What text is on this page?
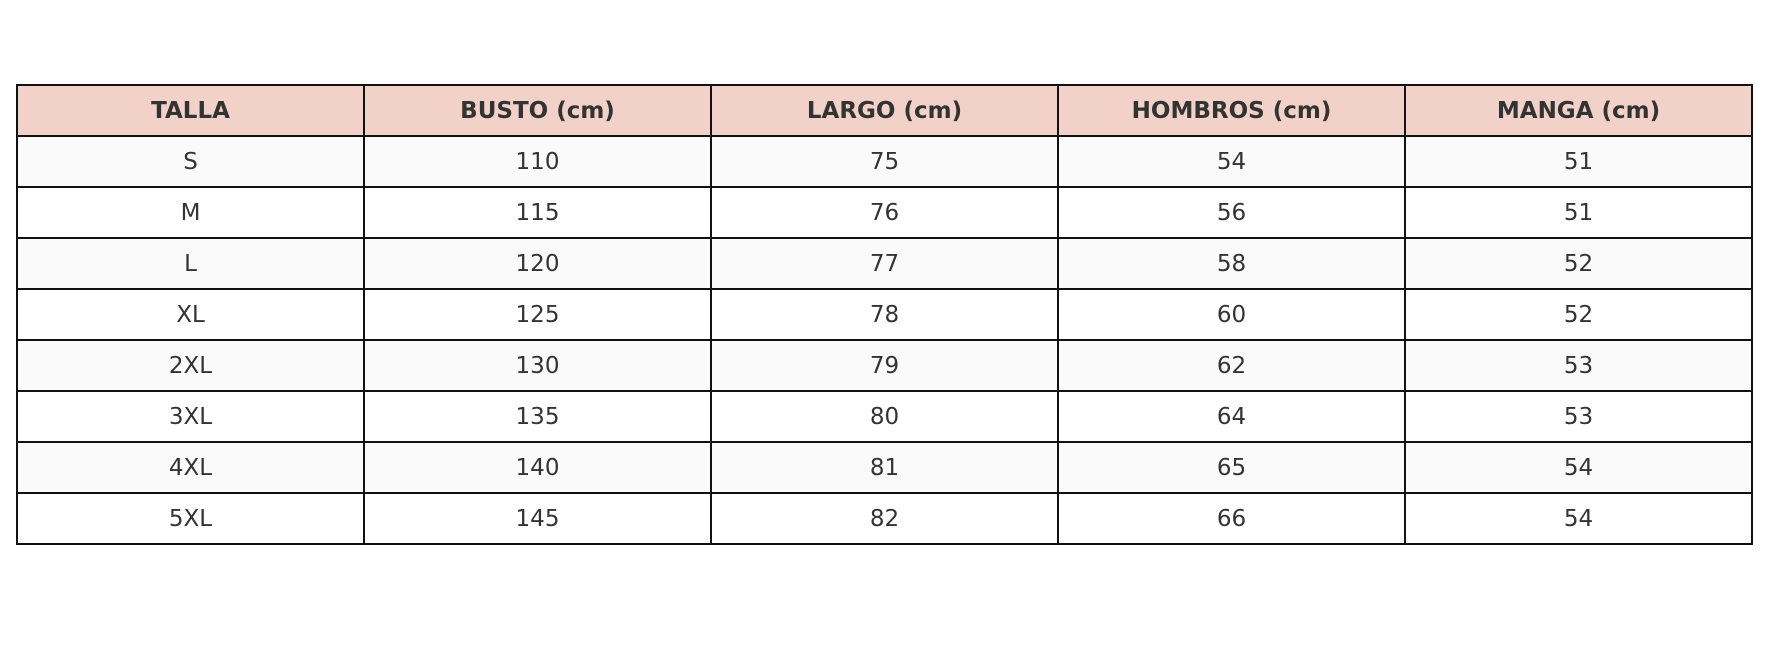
TALLA	BUSTO (cm)	LARGO (cm)	HOMBROS (cm)	MANGA (cm)
S	110	75	54	51
M	115	76	56	51
L	120	77	58	52
XL	125	78	60	52
2XL	130	79	62	53
3XL	135	80	64	53
4XL	140	81	65	54
5XL	145	82	66	54
